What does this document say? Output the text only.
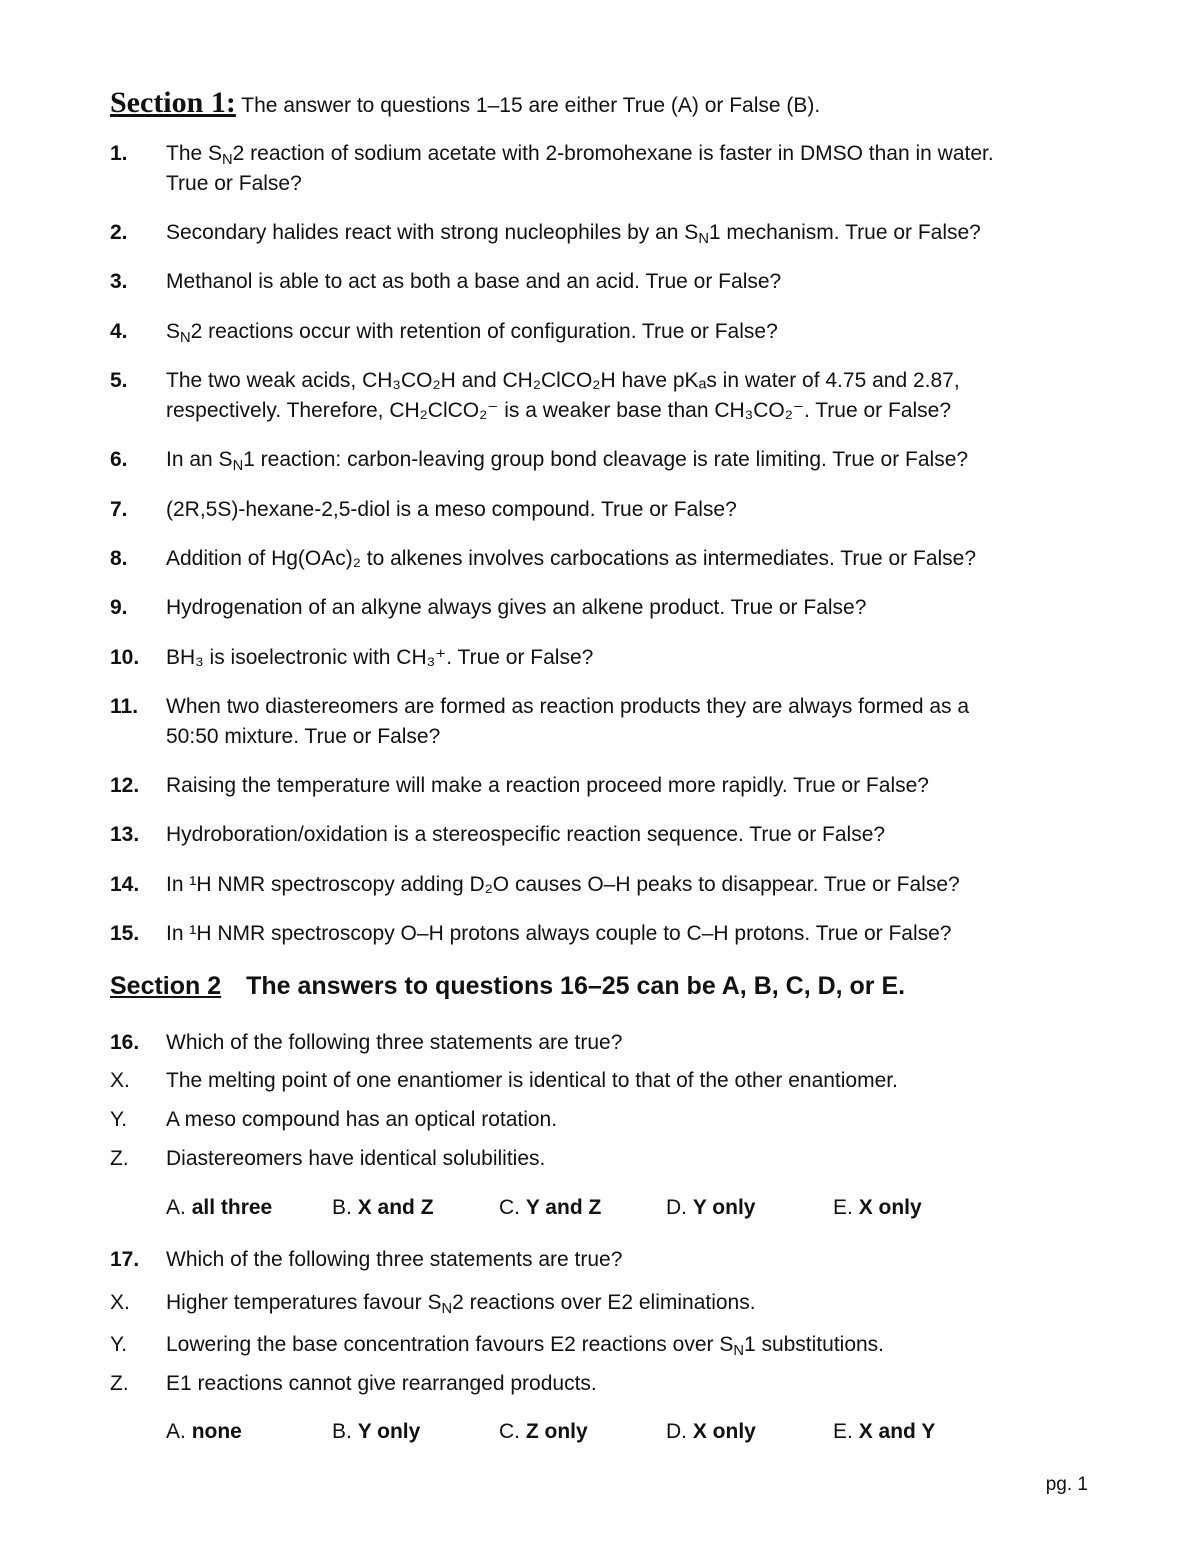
Section 1: The answer to questions 1–15 are either True (A) or False (B).
1. The $S_N2$ reaction of sodium acetate with 2-bromohexane is faster in DMSO than in water.
True or False?
2. Secondary halides react with strong nucleophiles by an $S_N1$ mechanism. True or False?
3. Methanol is able to act as both a base and an acid. True or False?
4. $S_N2$ reactions occur with retention of configuration. True or False?
5. The two weak acids, CH₃CO₂H and CH₂ClCO₂H have pKₐs in water of 4.75 and 2.87,
respectively. Therefore, CH₂ClCO₂⁻ is a weaker base than CH₃CO₂⁻. True or False?
6. In an $S_N1$ reaction: carbon-leaving group bond cleavage is rate limiting. True or False?
7. (2R,5S)-hexane-2,5-diol is a meso compound. True or False?
8. Addition of Hg(OAc)₂ to alkenes involves carbocations as intermediates. True or False?
9. Hydrogenation of an alkyne always gives an alkene product. True or False?
10. BH₃ is isoelectronic with CH₃⁺. True or False?
11. When two diastereomers are formed as reaction products they are always formed as a
50:50 mixture. True or False?
12. Raising the temperature will make a reaction proceed more rapidly. True or False?
13. Hydroboration/oxidation is a stereospecific reaction sequence. True or False?
14. In ¹H NMR spectroscopy adding D₂O causes O–H peaks to disappear. True or False?
15. In ¹H NMR spectroscopy O–H protons always couple to C–H protons. True or False?
Section 2 The answers to questions 16–25 can be A, B, C, D, or E.
16. Which of the following three statements are true?
X. The melting point of one enantiomer is identical to that of the other enantiomer.
Y. A meso compound has an optical rotation.
Z. Diastereomers have identical solubilities.
A. all three	B. X and Z	C. Y and Z	D. Y only	E. X only
17. Which of the following three statements are true?
X. Higher temperatures favour $S_N2$ reactions over E2 eliminations.
Y. Lowering the base concentration favours E2 reactions over $S_N1$ substitutions.
Z. E1 reactions cannot give rearranged products.
A. none	B. Y only	C. Z only	D. X only	E. X and Y
pg. 1
